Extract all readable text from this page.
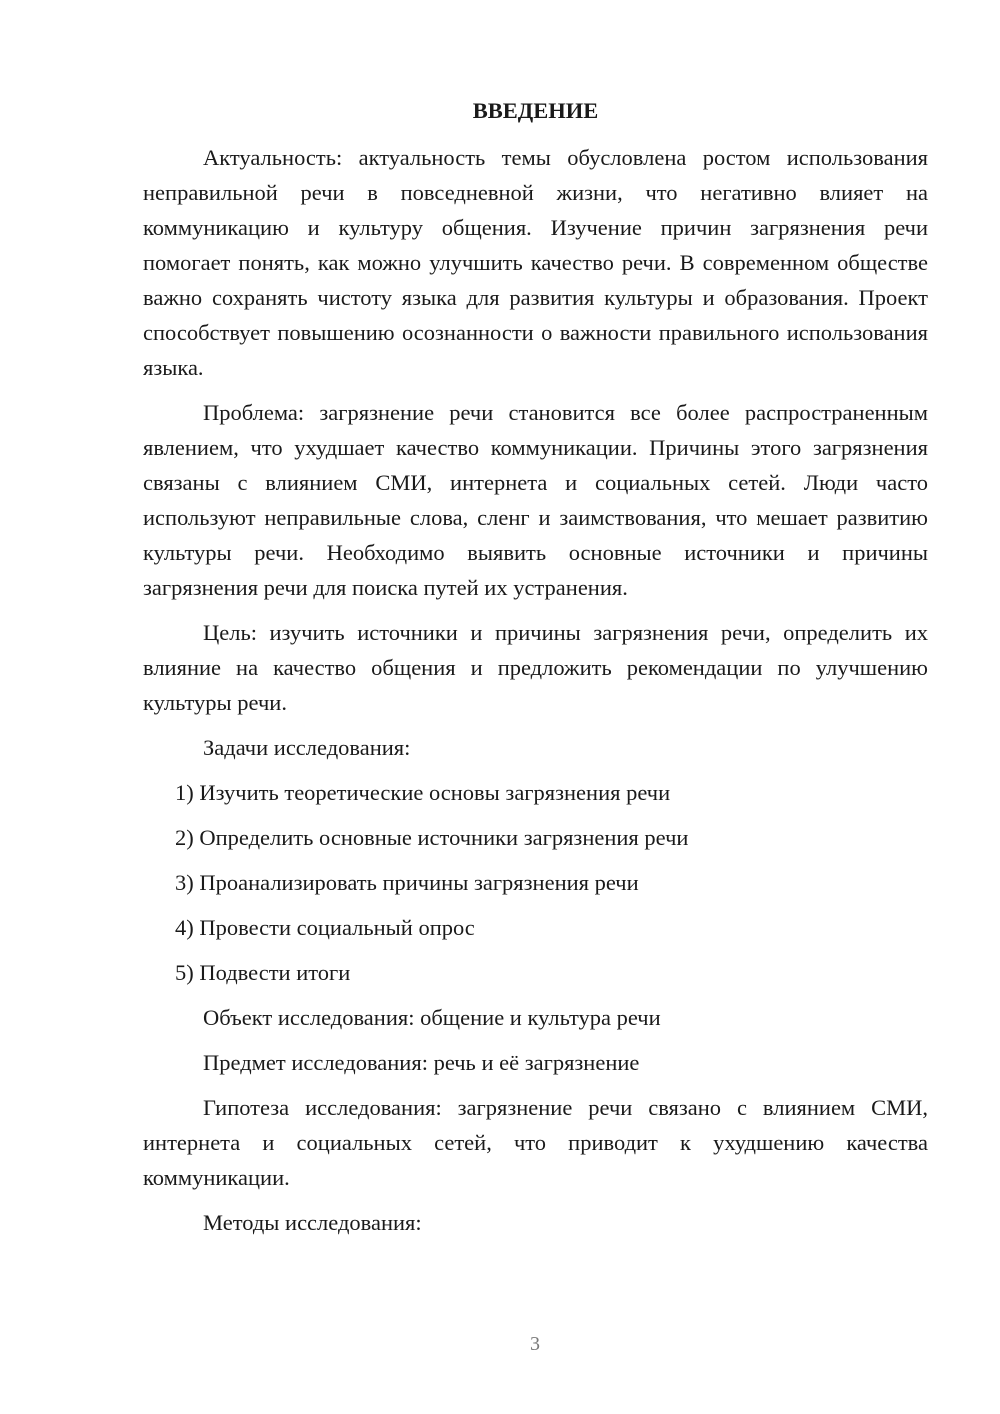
ВВЕДЕНИЕ

Актуальность: актуальность темы обусловлена ростом использования неправильной речи в повседневной жизни, что негативно влияет на коммуникацию и культуру общения. Изучение причин загрязнения речи помогает понять, как можно улучшить качество речи. В современном обществе важно сохранять чистоту языка для развития культуры и образования. Проект способствует повышению осознанности о важности правильного использования языка.

Проблема: загрязнение речи становится все более распространенным явлением, что ухудшает качество коммуникации. Причины этого загрязнения связаны с влиянием СМИ, интернета и социальных сетей. Люди часто используют неправильные слова, сленг и заимствования, что мешает развитию культуры речи. Необходимо выявить основные источники и причины загрязнения речи для поиска путей их устранения.

Цель: изучить источники и причины загрязнения речи, определить их влияние на качество общения и предложить рекомендации по улучшению культуры речи.

Задачи исследования:

1) Изучить теоретические основы загрязнения речи
2) Определить основные источники загрязнения речи
3) Проанализировать причины загрязнения речи
4) Провести социальный опрос
5) Подвести итоги

Объект исследования: общение и культура речи

Предмет исследования: речь и её загрязнение

Гипотеза исследования: загрязнение речи связано с влиянием СМИ, интернета и социальных сетей, что приводит к ухудшению качества коммуникации.

Методы исследования:

3
